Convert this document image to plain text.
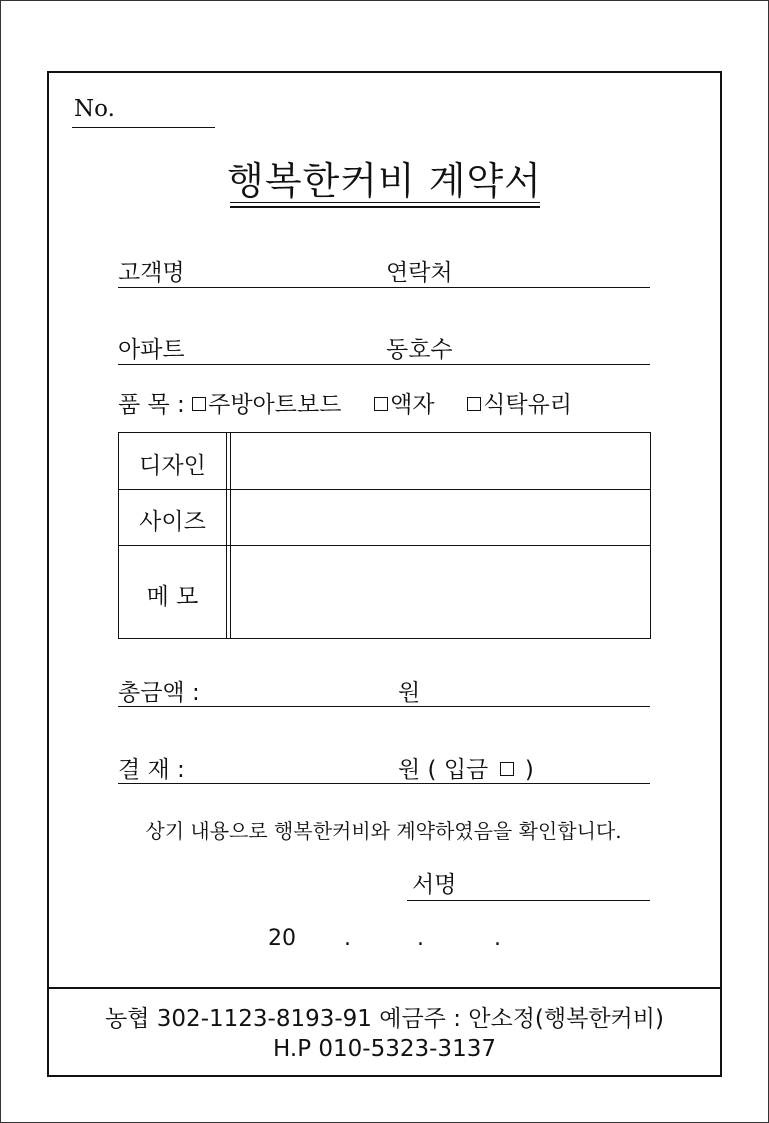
No.
행복한커비 계약서
고객명	연락처
아파트	동호수
품 목 : 주방아트보드 액자 식탁유리
디자인
사이즈
메 모
총금액 :	원
결 재 :	원 ( 입금 )
상기 내용으로 행복한커비와 계약하였음을 확인합니다.
서명
20 .	.	.
농협 302-1123-8193-91 예금주 : 안소정(행복한커비)
H.P 010-5323-3137
